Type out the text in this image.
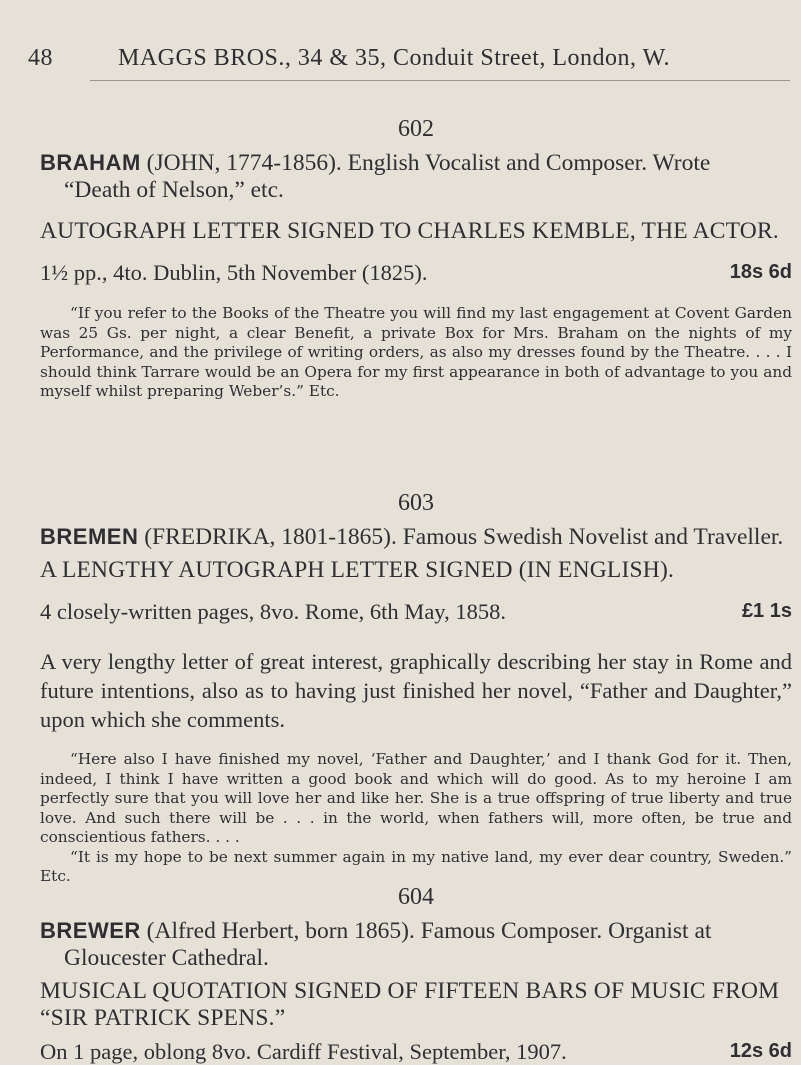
48	MAGGS BROS., 34 & 35, Conduit Street, London, W.
602

BRAHAM (JOHN, 1774-1856). English Vocalist and Composer. Wrote
“Death of Nelson,” etc.

AUTOGRAPH LETTER SIGNED TO CHARLES KEMBLE, THE ACTOR.

1½ pp., 4to. Dublin, 5th November (1825).	18s 6d

“If you refer to the Books of the Theatre you will find my last engagement at Covent Garden was 25 Gs. per night, a clear Benefit, a private Box for Mrs. Braham on the nights of my Performance, and the privilege of writing orders, as also my dresses found by the Theatre. . . . I should think Tarrare would be an Opera for my first appearance in both of advantage to you and myself whilst preparing Weber’s.” Etc.

603

BREMEN (FREDRIKA, 1801-1865). Famous Swedish Novelist and Traveller.

A LENGTHY AUTOGRAPH LETTER SIGNED (IN ENGLISH).

4 closely-written pages, 8vo. Rome, 6th May, 1858.	£1 1s

A very lengthy letter of great interest, graphically describing her stay in Rome and future intentions, also as to having just finished her novel, “Father and Daughter,” upon which she comments.

“Here also I have finished my novel, ‘Father and Daughter,’ and I thank God for it. Then, indeed, I think I have written a good book and which will do good. As to my heroine I am perfectly sure that you will love her and like her. She is a true offspring of true liberty and true love. And such there will be . . . in the world, when fathers will, more often, be true and conscientious fathers. . . .

“It is my hope to be next summer again in my native land, my ever dear country, Sweden.” Etc.

604

BREWER (Alfred Herbert, born 1865). Famous Composer. Organist at
Gloucester Cathedral.

MUSICAL QUOTATION SIGNED OF FIFTEEN BARS OF MUSIC FROM “SIR PATRICK SPENS.”

On 1 page, oblong 8vo. Cardiff Festival, September, 1907.	12s 6d
